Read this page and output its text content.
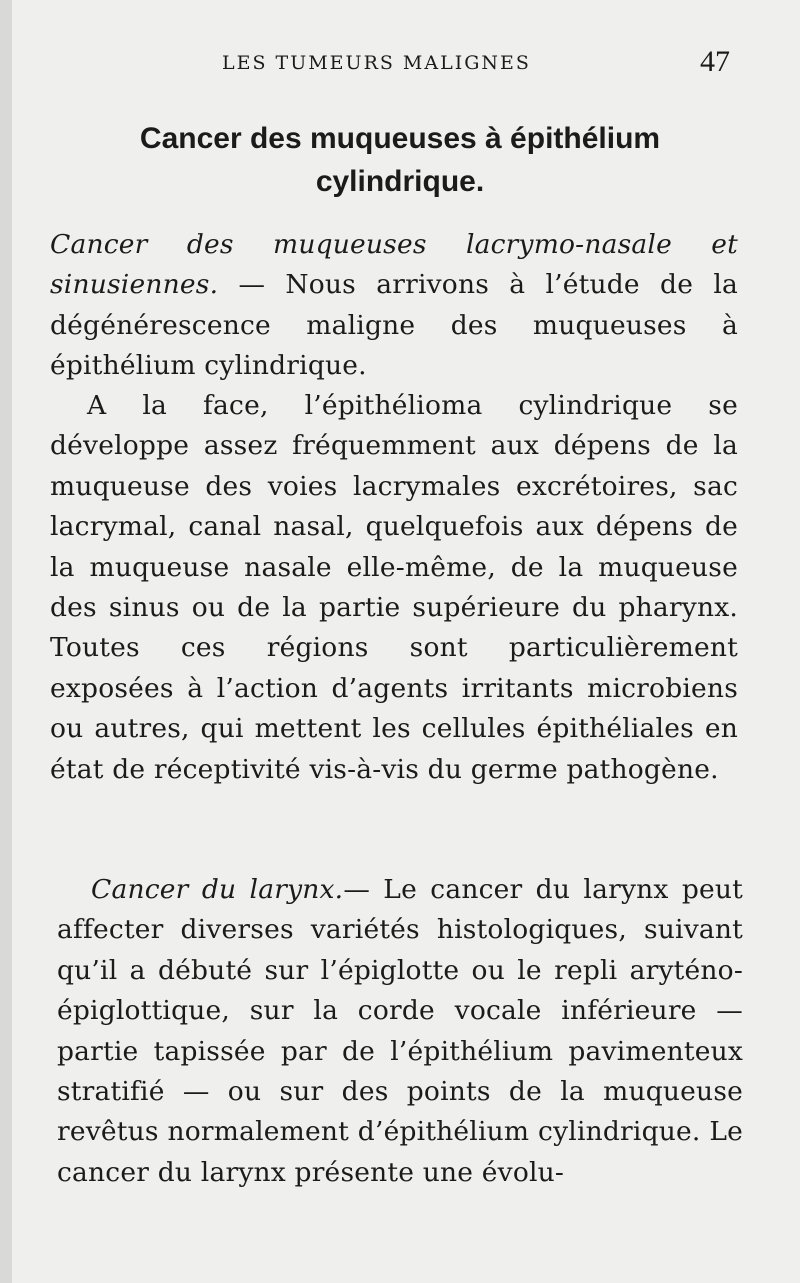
LES TUMEURS MALIGNES	47
Cancer des muqueuses à épithélium cylindrique.

Cancer des muqueuses lacrymo-nasale et sinusiennes. — Nous arrivons à l’étude de la dégénérescence maligne des muqueuses à épithélium cylindrique.

A la face, l’épithélioma cylindrique se développe assez fréquemment aux dépens de la muqueuse des voies lacrymales excrétoires, sac lacrymal, canal nasal, quelquefois aux dépens de la muqueuse nasale elle-même, de la muqueuse des sinus ou de la partie supérieure du pharynx. Toutes ces régions sont particulièrement exposées à l’action d’agents irritants microbiens ou autres, qui mettent les cellules épithéliales en état de réceptivité vis-à-vis du germe pathogène.

Cancer du larynx.— Le cancer du larynx peut affecter diverses variétés histologiques, suivant qu’il a débuté sur l’épiglotte ou le repli aryténo-épiglottique, sur la corde vocale inférieure — partie tapissée par de l’épithélium pavimenteux stratifié — ou sur des points de la muqueuse revêtus normalement d’épithélium cylindrique. Le cancer du larynx présente une évolu-
